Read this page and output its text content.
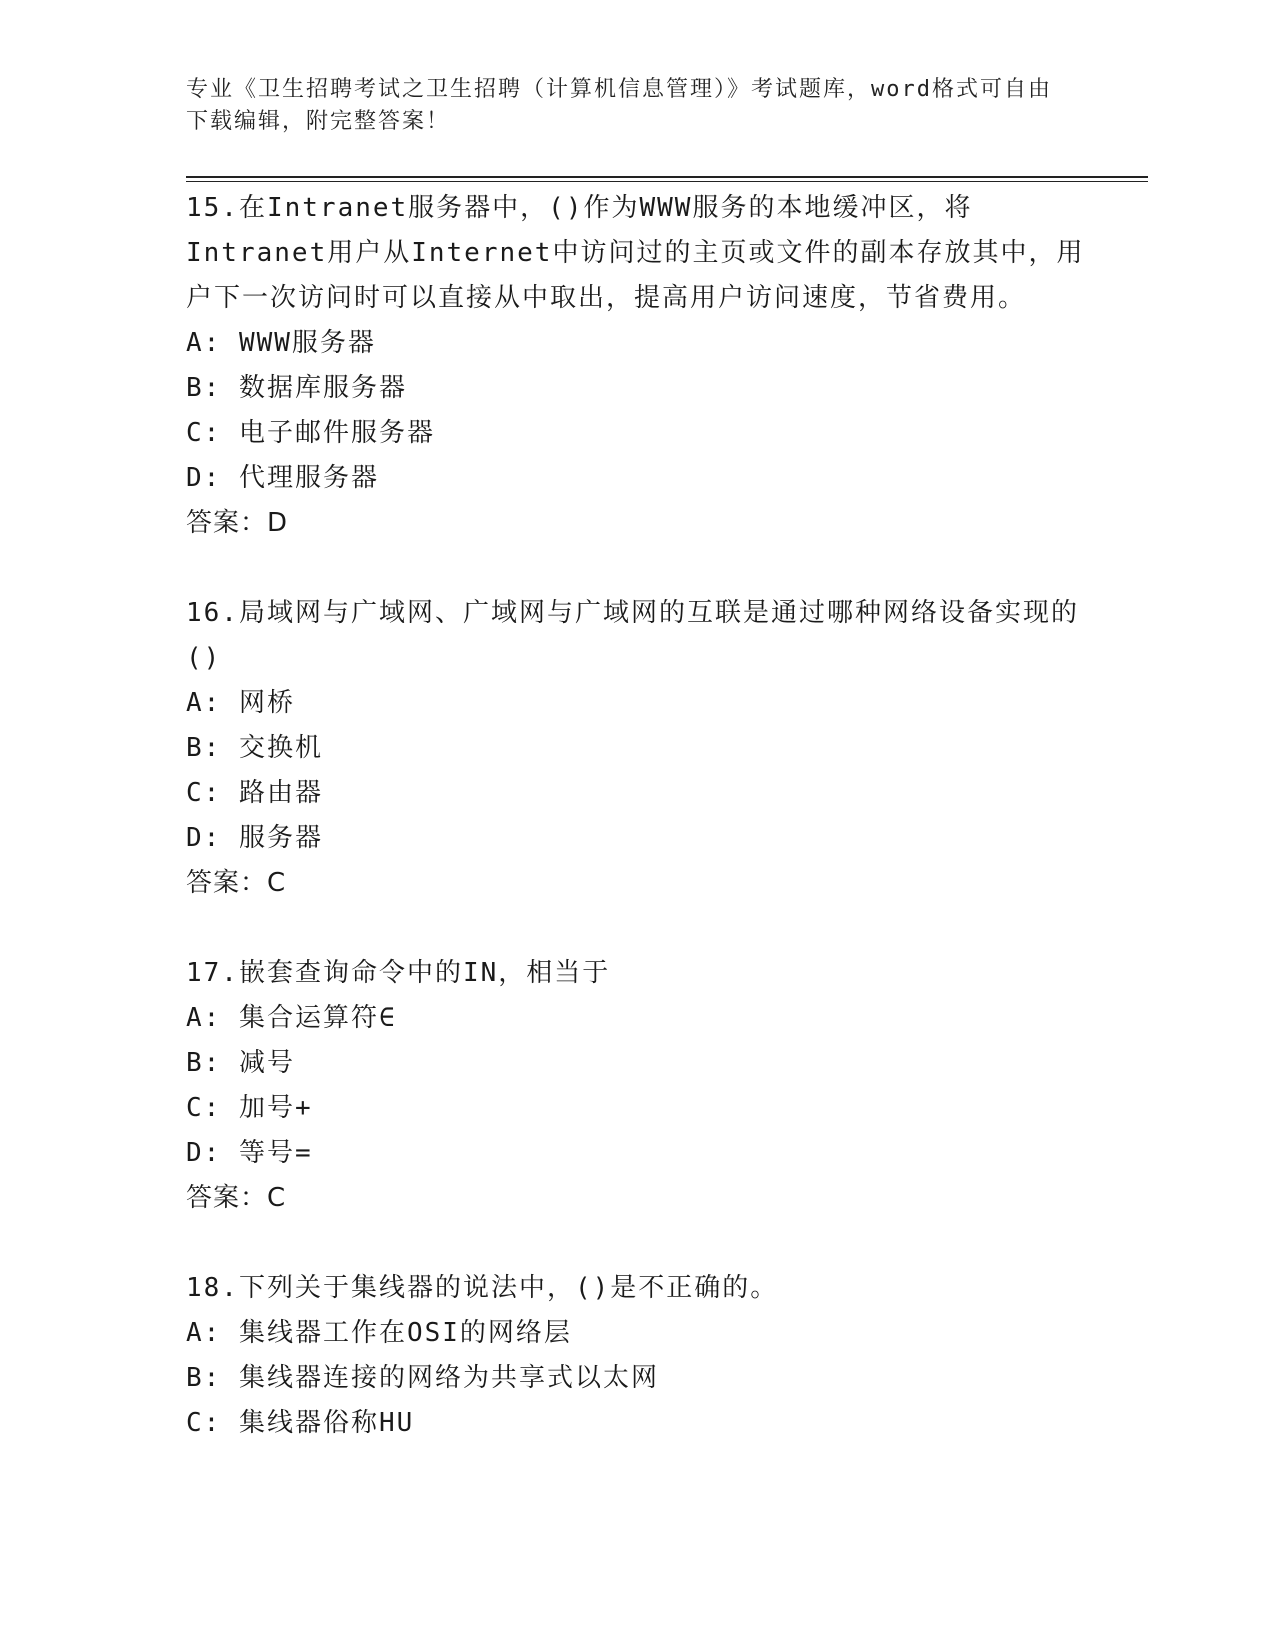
专业《卫生招聘考试之卫生招聘（计算机信息管理）》考试题库，word格式可自由下载编辑，附完整答案！

15.在Intranet服务器中，()作为WWW服务的本地缓冲区，将Intranet用户从Internet中访问过的主页或文件的副本存放其中，用户下一次访问时可以直接从中取出，提高用户访问速度，节省费用。

A: WWW服务器

B: 数据库服务器

C: 电子邮件服务器

D: 代理服务器

答案：D

16.局域网与广域网、广域网与广域网的互联是通过哪种网络设备实现的()

A: 网桥

B: 交换机

C: 路由器

D: 服务器

答案：C

17.嵌套查询命令中的IN，相当于

A: 集合运算符∈

B: 减号

C: 加号+

D: 等号=

答案：C

18.下列关于集线器的说法中，()是不正确的。

A: 集线器工作在OSI的网络层

B: 集线器连接的网络为共享式以太网

C: 集线器俗称HU
